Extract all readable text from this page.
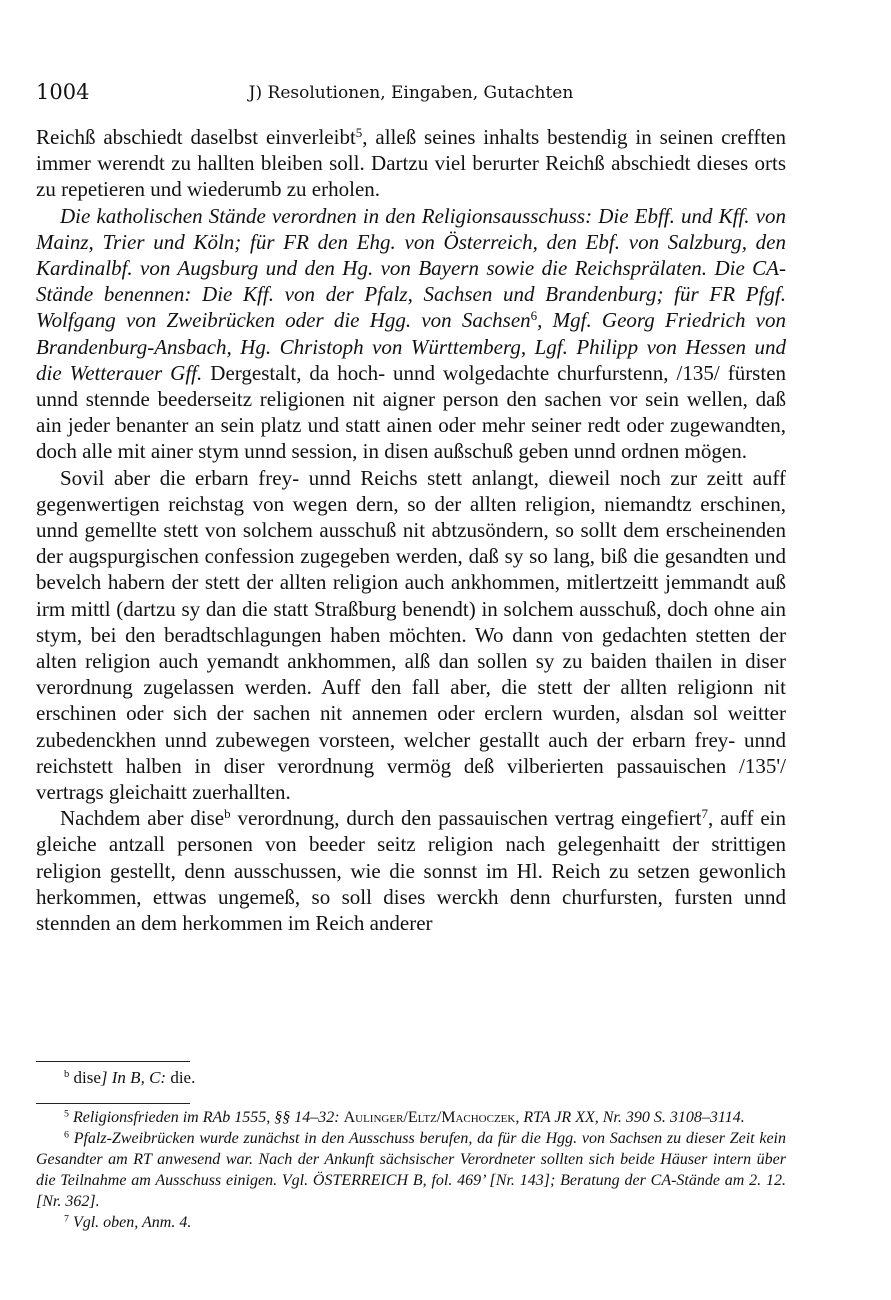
1004	J) Resolutionen, Eingaben, Gutachten

Reichß abschiedt daselbst einverleibt$^5$, alleß seines inhalts bestendig in seinen crefften immer werendt zu hallten bleiben soll. Dartzu viel berurter Reichß abschiedt dieses orts zu repetieren und wiederumb zu erholen.

Die katholischen Stände verordnen in den Religionsausschuss: Die Ebff. und Kff. von Mainz, Trier und Köln; für FR den Ehg. von Österreich, den Ebf. von Salzburg, den Kardinalbf. von Augsburg und den Hg. von Bayern sowie die Reichsprälaten. Die CA-Stände benennen: Die Kff. von der Pfalz, Sachsen und Brandenburg; für FR Pfgf. Wolfgang von Zweibrücken oder die Hgg. von Sachsen$^6$, Mgf. Georg Friedrich von Brandenburg-Ansbach, Hg. Christoph von Württemberg, Lgf. Philipp von Hessen und die Wetterauer Gff. Dergestalt, da hoch- unnd wolgedachte churfurstenn, /135/ fürsten unnd stennde beederseitz religionen nit aigner person den sachen vor sein wellen, daß ain jeder benanter an sein platz und statt ainen oder mehr seiner redt oder zugewandten, doch alle mit ainer stym unnd session, in disen außschuß geben unnd ordnen mögen.

Sovil aber die erbarn frey- unnd Reichs stett anlangt, dieweil noch zur zeitt auff gegenwertigen reichstag von wegen dern, so der allten religion, niemandtz erschinen, unnd gemellte stett von solchem ausschuß nit abtzusöndern, so sollt dem erscheinenden der augspurgischen confession zugegeben werden, daß sy so lang, biß die gesandten und bevelch habern der stett der allten religion auch ankhommen, mitlertzeitt jemmandt auß irm mittl (dartzu sy dan die statt Straßburg benendt) in solchem ausschuß, doch ohne ain stym, bei den beradtschlagungen haben möchten. Wo dann von gedachten stetten der alten religion auch yemandt ankhommen, alß dan sollen sy zu baiden thailen in diser verordnung zugelassen werden. Auff den fall aber, die stett der allten religionn nit erschinen oder sich der sachen nit annemen oder erclern wurden, alsdan sol weitter zubedenckhen unnd zubewegen vorsteen, welcher gestallt auch der erbarn frey- unnd reichstett halben in diser verordnung vermög deß vilberierten passauischen /135'/ vertrags gleichaitt zuerhallten.

Nachdem aber dise$^b$ verordnung, durch den passauischen vertrag eingefiert$^7$, auff ein gleiche antzall personen von beeder seitz religion nach gelegenhaitt der strittigen religion gestellt, denn ausschussen, wie die sonnst im Hl. Reich zu setzen gewonlich herkommen, ettwas ungemeß, so soll dises werckh denn churfursten, fursten unnd stennden an dem herkommen im Reich anderer

$^b$ dise] In B, C: die.

$^5$ Religionsfrieden im RAb 1555, §§ 14–32: Aulinger/Eltz/Machoczek, RTA JR XX, Nr. 390 S. 3108–3114.

$^6$ Pfalz-Zweibrücken wurde zunächst in den Ausschuss berufen, da für die Hgg. von Sachsen zu dieser Zeit kein Gesandter am RT anwesend war. Nach der Ankunft sächsischer Verordneter sollten sich beide Häuser intern über die Teilnahme am Ausschuss einigen. Vgl. ÖSTERREICH B, fol. 469’ [Nr. 143]; Beratung der CA-Stände am 2. 12. [Nr. 362].

$^7$ Vgl. oben, Anm. 4.
